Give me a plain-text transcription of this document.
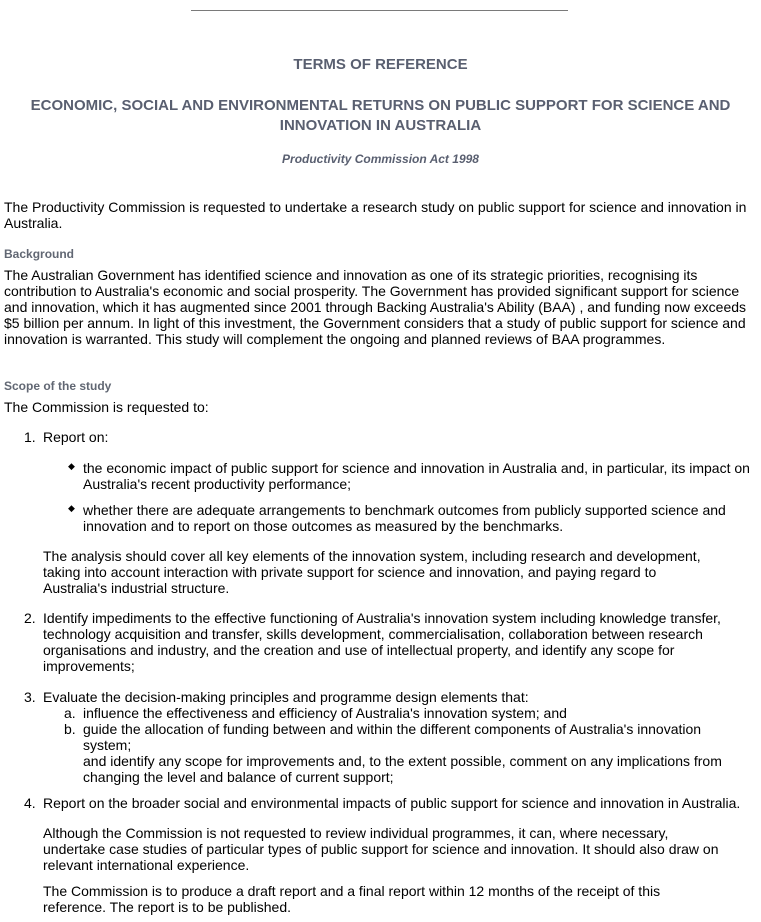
TERMS OF REFERENCE
ECONOMIC, SOCIAL AND ENVIRONMENTAL RETURNS ON PUBLIC SUPPORT FOR SCIENCE AND
INNOVATION IN AUSTRALIA
Productivity Commission Act 1998
The Productivity Commission is requested to undertake a research study on public support for science and innovation in Australia.
Background
The Australian Government has identified science and innovation as one of its strategic priorities, recognising its contribution to Australia's economic and social prosperity. The Government has provided significant support for science and innovation, which it has augmented since 2001 through Backing Australia's Ability (BAA) , and funding now exceeds $5 billion per annum. In light of this investment, the Government considers that a study of public support for science and innovation is warranted. This study will complement the ongoing and planned reviews of BAA programmes.
Scope of the study
The Commission is requested to:
1. Report on:
◆ the economic impact of public support for science and innovation in Australia and, in particular, its impact on Australia's recent productivity performance;
◆ whether there are adequate arrangements to benchmark outcomes from publicly supported science and innovation and to report on those outcomes as measured by the benchmarks.
The analysis should cover all key elements of the innovation system, including research and development, taking into account interaction with private support for science and innovation, and paying regard to Australia's industrial structure.
2. Identify impediments to the effective functioning of Australia's innovation system including knowledge transfer, technology acquisition and transfer, skills development, commercialisation, collaboration between research organisations and industry, and the creation and use of intellectual property, and identify any scope for improvements;
3. Evaluate the decision-making principles and programme design elements that:
a. influence the effectiveness and efficiency of Australia's innovation system; and
b. guide the allocation of funding between and within the different components of Australia's innovation system;
and identify any scope for improvements and, to the extent possible, comment on any implications from changing the level and balance of current support;
4. Report on the broader social and environmental impacts of public support for science and innovation in Australia.
Although the Commission is not requested to review individual programmes, it can, where necessary, undertake case studies of particular types of public support for science and innovation. It should also draw on relevant international experience.
The Commission is to produce a draft report and a final report within 12 months of the receipt of this reference. The report is to be published.
